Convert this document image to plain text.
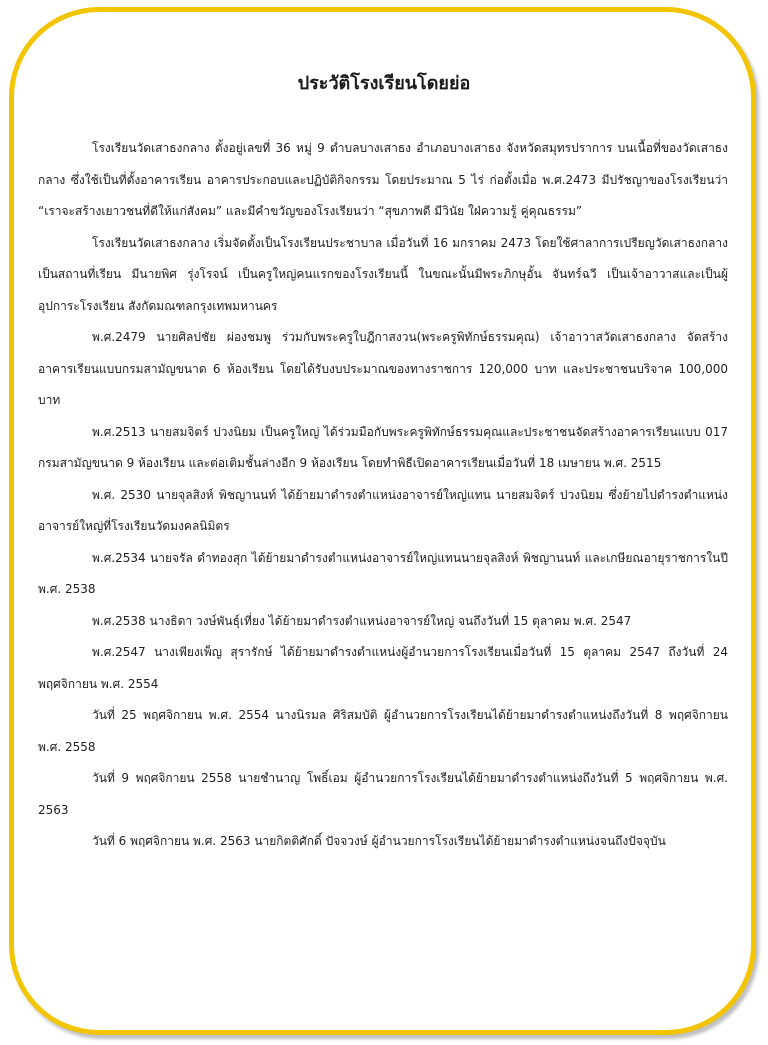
ประวัติโรงเรียนโดยย่อ

โรงเรียนวัดเสาธงกลาง ตั้งอยู่เลขที่ 36 หมู่ 9 ตำบลบางเสาธง อำเภอบางเสาธง จังหวัดสมุทรปราการ บนเนื้อที่ของวัดเสาธงกลาง ซึ่งใช้เป็นที่ตั้งอาคารเรียน อาคารประกอบและปฏิบัติกิจกรรม โดยประมาณ 5 ไร่ ก่อตั้งเมื่อ พ.ศ.2473 มีปรัชญาของโรงเรียนว่า “เราจะสร้างเยาวชนที่ดีให้แก่สังคม” และมีคำขวัญของโรงเรียนว่า “สุขภาพดี มีวินัย ใฝ่ความรู้ คู่คุณธรรม”

โรงเรียนวัดเสาธงกลาง เริ่มจัดตั้งเป็นโรงเรียนประชาบาล เมื่อวันที่ 16 มกราคม 2473 โดยใช้ศาลาการเปรียญวัดเสาธงกลาง เป็นสถานที่เรียน มีนายพิศ รุ่งโรจน์ เป็นครูใหญ่คนแรกของโรงเรียนนี้ ในขณะนั้นมีพระภิกษุอั้น จันทร์ฉวี เป็นเจ้าอาวาสและเป็นผู้อุปการะโรงเรียน สังกัดมณฑลกรุงเทพมหานคร

พ.ศ.2479 นายศิลปชัย ผ่องชมพู ร่วมกับพระครูใบฎีกาสงวน(พระครูพิทักษ์ธรรมคุณ) เจ้าอาวาสวัดเสาธงกลาง จัดสร้างอาคารเรียนแบบกรมสามัญขนาด 6 ห้องเรียน โดยได้รับงบประมาณของทางราชการ 120,000 บาท และประชาชนบริจาค 100,000 บาท

พ.ศ.2513 นายสมจิตร์ ปวงนิยม เป็นครูใหญ่ ได้ร่วมมือกับพระครูพิทักษ์ธรรมคุณและประชาชนจัดสร้างอาคารเรียนแบบ 017 กรมสามัญขนาด 9 ห้องเรียน และต่อเติมชั้นล่างอีก 9 ห้องเรียน โดยทำพิธีเปิดอาคารเรียนเมื่อวันที่ 18 เมษายน พ.ศ. 2515

พ.ศ. 2530 นายจุลสิงห์ พิชญานนท์ ได้ย้ายมาดำรงตำแหน่งอาจารย์ใหญ่แทน นายสมจิตร์ ปวงนิยม ซึ่งย้ายไปดำรงตำแหน่งอาจารย์ใหญ่ที่โรงเรียนวัดมงคลนิมิตร

พ.ศ.2534 นายจรัล ดำทองสุก ได้ย้ายมาดำรงตำแหน่งอาจารย์ใหญ่แทนนายจุลสิงห์ พิชญานนท์ และเกษียณอายุราชการในปี พ.ศ. 2538

พ.ศ.2538 นางธิดา วงษ์พันธุ์เที่ยง ได้ย้ายมาดำรงตำแหน่งอาจารย์ใหญ่ จนถึงวันที่ 15 ตุลาคม พ.ศ. 2547

พ.ศ.2547 นางเพียงเพ็ญ สุรารักษ์ ได้ย้ายมาดำรงตำแหน่งผู้อำนวยการโรงเรียนเมื่อวันที่ 15 ตุลาคม 2547 ถึงวันที่ 24 พฤศจิกายน พ.ศ. 2554

วันที่ 25 พฤศจิกายน พ.ศ. 2554 นางนิรมล ศิริสมบัติ ผู้อำนวยการโรงเรียนได้ย้ายมาดำรงตำแหน่งถึงวันที่ 8 พฤศจิกายน พ.ศ. 2558

วันที่ 9 พฤศจิกายน 2558 นายชำนาญ โพธิ์เอม ผู้อำนวยการโรงเรียนได้ย้ายมาดำรงตำแหน่งถึงวันที่ 5 พฤศจิกายน พ.ศ. 2563

วันที่ 6 พฤศจิกายน พ.ศ. 2563 นายกิตติศักดิ์ ปัจจวงษ์ ผู้อำนวยการโรงเรียนได้ย้ายมาดำรงตำแหน่งจนถึงปัจจุบัน
